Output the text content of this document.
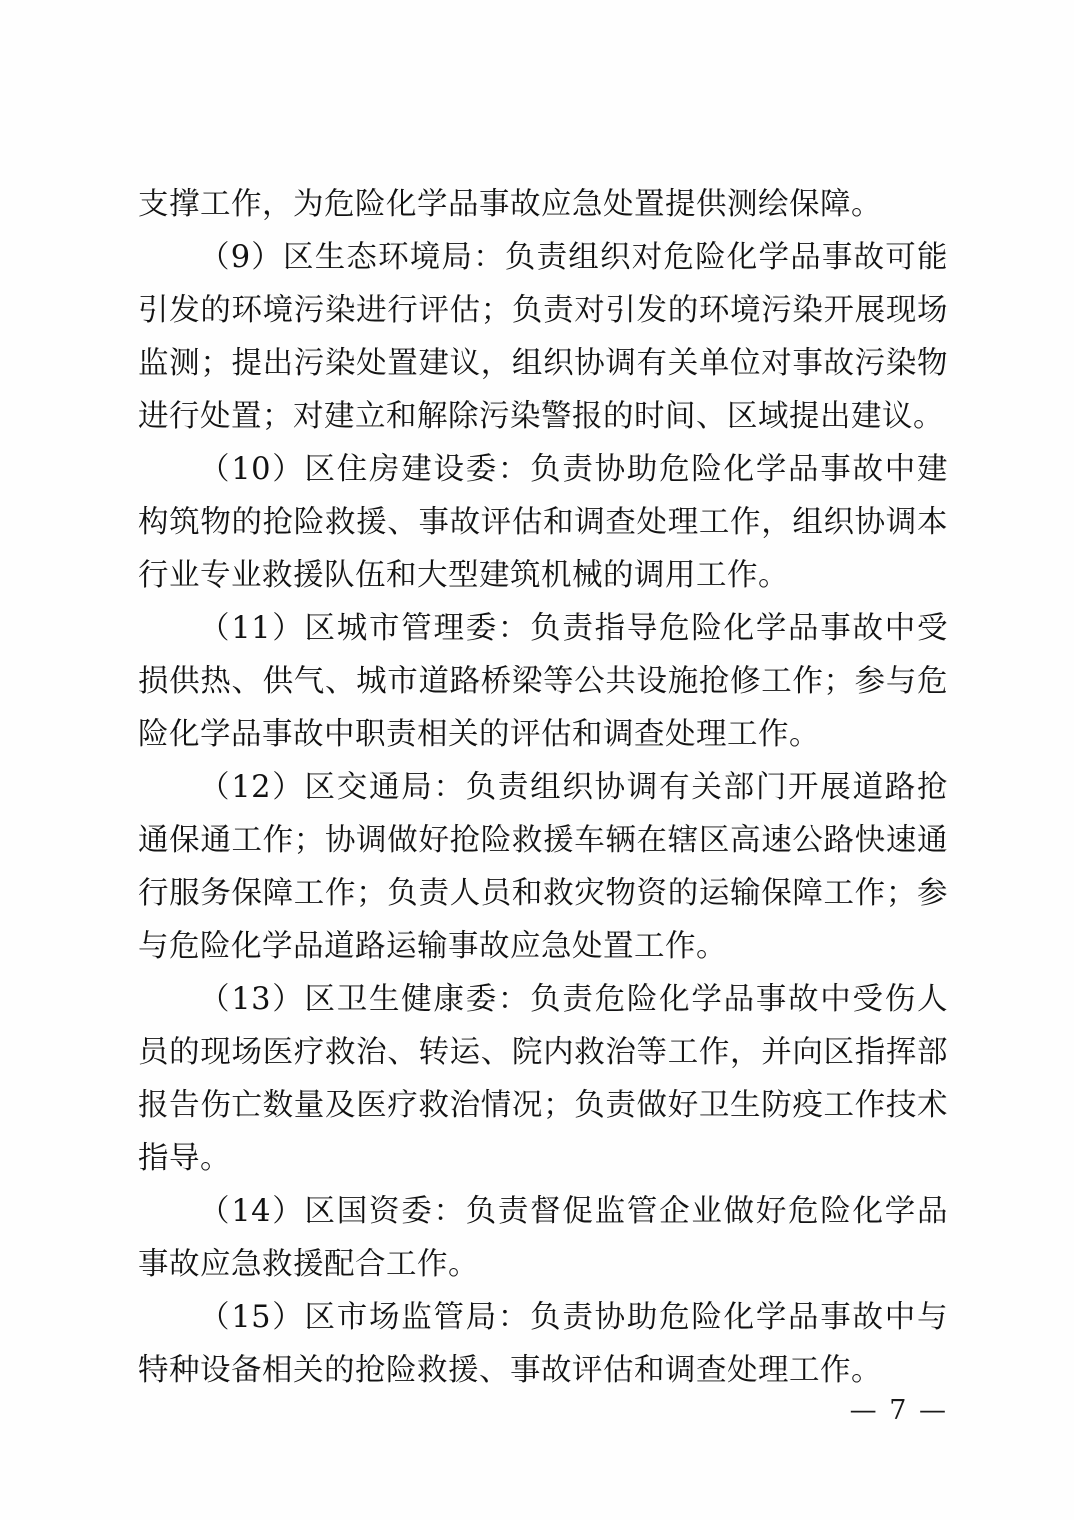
支撑工作，为危险化学品事故应急处置提供测绘保障。

（9）区生态环境局：负责组织对危险化学品事故可能引发的环境污染进行评估；负责对引发的环境污染开展现场监测；提出污染处置建议，组织协调有关单位对事故污染物进行处置；对建立和解除污染警报的时间、区域提出建议。

（10）区住房建设委：负责协助危险化学品事故中建构筑物的抢险救援、事故评估和调查处理工作，组织协调本行业专业救援队伍和大型建筑机械的调用工作。

（11）区城市管理委：负责指导危险化学品事故中受损供热、供气、城市道路桥梁等公共设施抢修工作；参与危险化学品事故中职责相关的评估和调查处理工作。

（12）区交通局：负责组织协调有关部门开展道路抢通保通工作；协调做好抢险救援车辆在辖区高速公路快速通行服务保障工作；负责人员和救灾物资的运输保障工作；参与危险化学品道路运输事故应急处置工作。

（13）区卫生健康委：负责危险化学品事故中受伤人员的现场医疗救治、转运、院内救治等工作，并向区指挥部报告伤亡数量及医疗救治情况；负责做好卫生防疫工作技术指导。

（14）区国资委：负责督促监管企业做好危险化学品事故应急救援配合工作。

（15）区市场监管局：负责协助危险化学品事故中与特种设备相关的抢险救援、事故评估和调查处理工作。

— 7 —
